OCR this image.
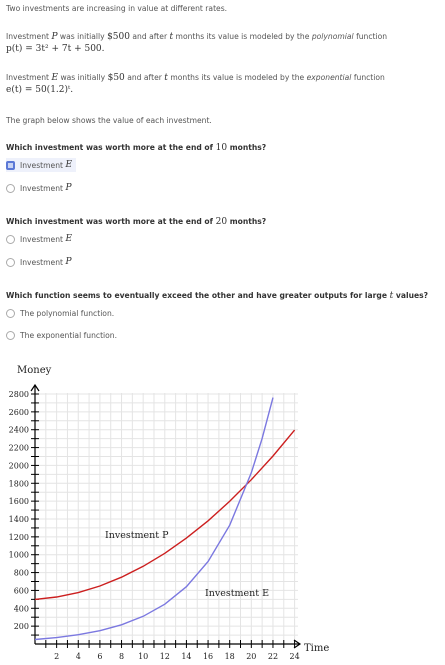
Two investments are increasing in value at different rates.
Investment P was initially $500 and after t months its value is modeled by the polynomial function
p(t) = 3t² + 7t + 500.
Investment E was initially $50 and after t months its value is modeled by the exponential function
e(t) = 50(1.2)ᵗ.
The graph below shows the value of each investment.
Which investment was worth more at the end of 10 months?
Investment
E
Investment
P
Which investment was worth more at the end of 20 months?
Investment
E
Investment
P
Which function seems to eventually exceed the other and have greater outputs for large t values?
The polynomial function.
The exponential function.
2 4 6 8 10 12 14 16 18 20 22 24
200
400
600
800
1000
1200
1400
1600
1800
2000
2200
2400
2600
2800
Money
Time
Investment P
Investment E
